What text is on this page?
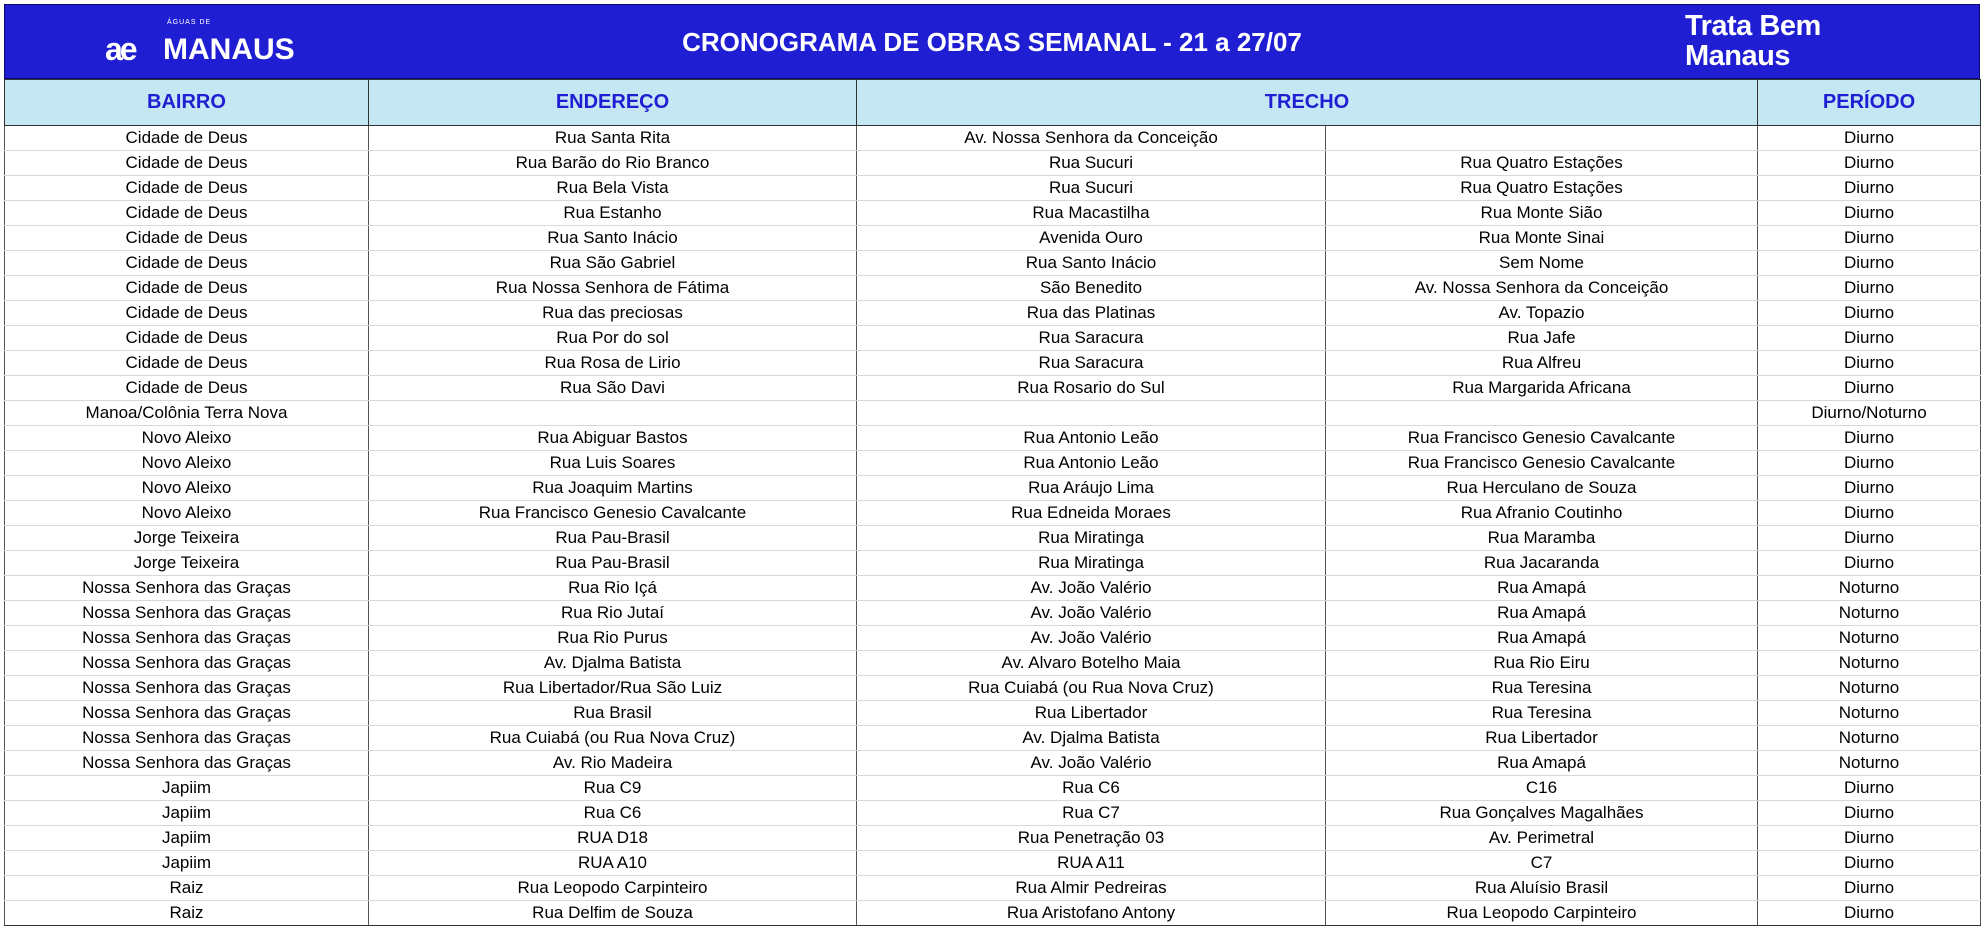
ÁGUAS DE
ae MANAUS	CRONOGRAMA DE OBRAS SEMANAL - 21 a 27/07	Trata Bem
Manaus
BAIRRO	ENDEREÇO	TRECHO		PERÍODO
Cidade de Deus	Rua Santa Rita	Av. Nossa Senhora da Conceição		Diurno
Cidade de Deus	Rua Barão do Rio Branco	Rua Sucuri	Rua Quatro Estações	Diurno
Cidade de Deus	Rua Bela Vista	Rua Sucuri	Rua Quatro Estações	Diurno
Cidade de Deus	Rua Estanho	Rua Macastilha	Rua Monte Sião	Diurno
Cidade de Deus	Rua Santo Inácio	Avenida Ouro	Rua Monte Sinai	Diurno
Cidade de Deus	Rua São Gabriel	Rua Santo Inácio	Sem Nome	Diurno
Cidade de Deus	Rua Nossa Senhora de Fátima	São Benedito	Av. Nossa Senhora da Conceição	Diurno
Cidade de Deus	Rua das preciosas	Rua das Platinas	Av. Topazio	Diurno
Cidade de Deus	Rua Por do sol	Rua Saracura	Rua Jafe	Diurno
Cidade de Deus	Rua Rosa de Lirio	Rua Saracura	Rua Alfreu	Diurno
Cidade de Deus	Rua São Davi	Rua Rosario do Sul	Rua Margarida Africana	Diurno
Manoa/Colônia Terra Nova				Diurno/Noturno
Novo Aleixo	Rua Abiguar Bastos	Rua Antonio Leão	Rua Francisco Genesio Cavalcante	Diurno
Novo Aleixo	Rua Luis Soares	Rua Antonio Leão	Rua Francisco Genesio Cavalcante	Diurno
Novo Aleixo	Rua Joaquim Martins	Rua Aráujo Lima	Rua Herculano de Souza	Diurno
Novo Aleixo	Rua Francisco Genesio Cavalcante	Rua Edneida Moraes	Rua Afranio Coutinho	Diurno
Jorge Teixeira	Rua Pau-Brasil	Rua Miratinga	Rua Maramba	Diurno
Jorge Teixeira	Rua Pau-Brasil	Rua Miratinga	Rua Jacaranda	Diurno
Nossa Senhora das Graças	Rua Rio Içá	Av. João Valério	Rua Amapá	Noturno
Nossa Senhora das Graças	Rua Rio Jutaí	Av. João Valério	Rua Amapá	Noturno
Nossa Senhora das Graças	Rua Rio Purus	Av. João Valério	Rua Amapá	Noturno
Nossa Senhora das Graças	Av. Djalma Batista	Av. Alvaro Botelho Maia	Rua Rio Eiru	Noturno
Nossa Senhora das Graças	Rua Libertador/Rua São Luiz	Rua Cuiabá (ou Rua Nova Cruz)	Rua Teresina	Noturno
Nossa Senhora das Graças	Rua Brasil	Rua Libertador	Rua Teresina	Noturno
Nossa Senhora das Graças	Rua Cuiabá (ou Rua Nova Cruz)	Av. Djalma Batista	Rua Libertador	Noturno
Nossa Senhora das Graças	Av. Rio Madeira	Av. João Valério	Rua Amapá	Noturno
Japiim	Rua C9	Rua C6	C16	Diurno
Japiim	Rua C6	Rua C7	Rua Gonçalves Magalhães	Diurno
Japiim	RUA D18	Rua Penetração 03	Av. Perimetral	Diurno
Japiim	RUA A10	RUA A11	C7	Diurno
Raiz	Rua Leopodo Carpinteiro	Rua Almir Pedreiras	Rua Aluísio Brasil	Diurno
Raiz	Rua Delfim de Souza	Rua Aristofano Antony	Rua Leopodo Carpinteiro	Diurno
